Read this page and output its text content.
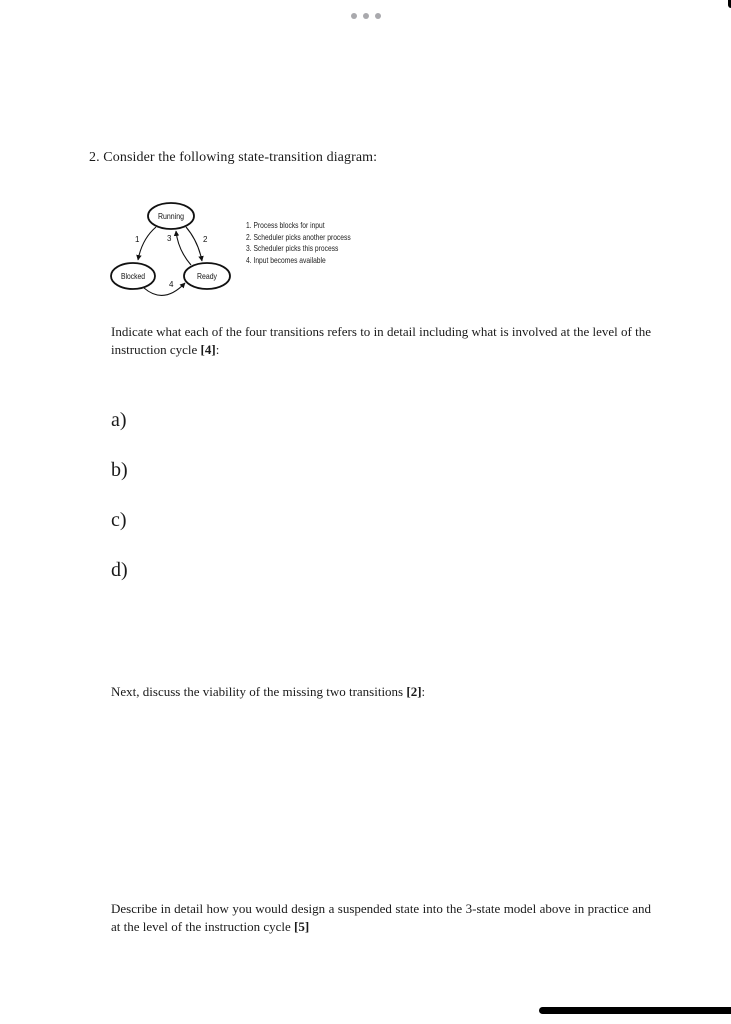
2. Consider the following state-transition diagram:
Running
Blocked	Ready
1	3	2
4
1. Process blocks for input
2. Scheduler picks another process
3. Scheduler picks this process
4. Input becomes available
Indicate what each of the four transitions refers to in detail including what is involved at the level of the instruction cycle [4]:
a)
b)
c)
d)
Next, discuss the viability of the missing two transitions [2]:
Describe in detail how you would design a suspended state into the 3-state model above in practice and at the level of the instruction cycle [5]
